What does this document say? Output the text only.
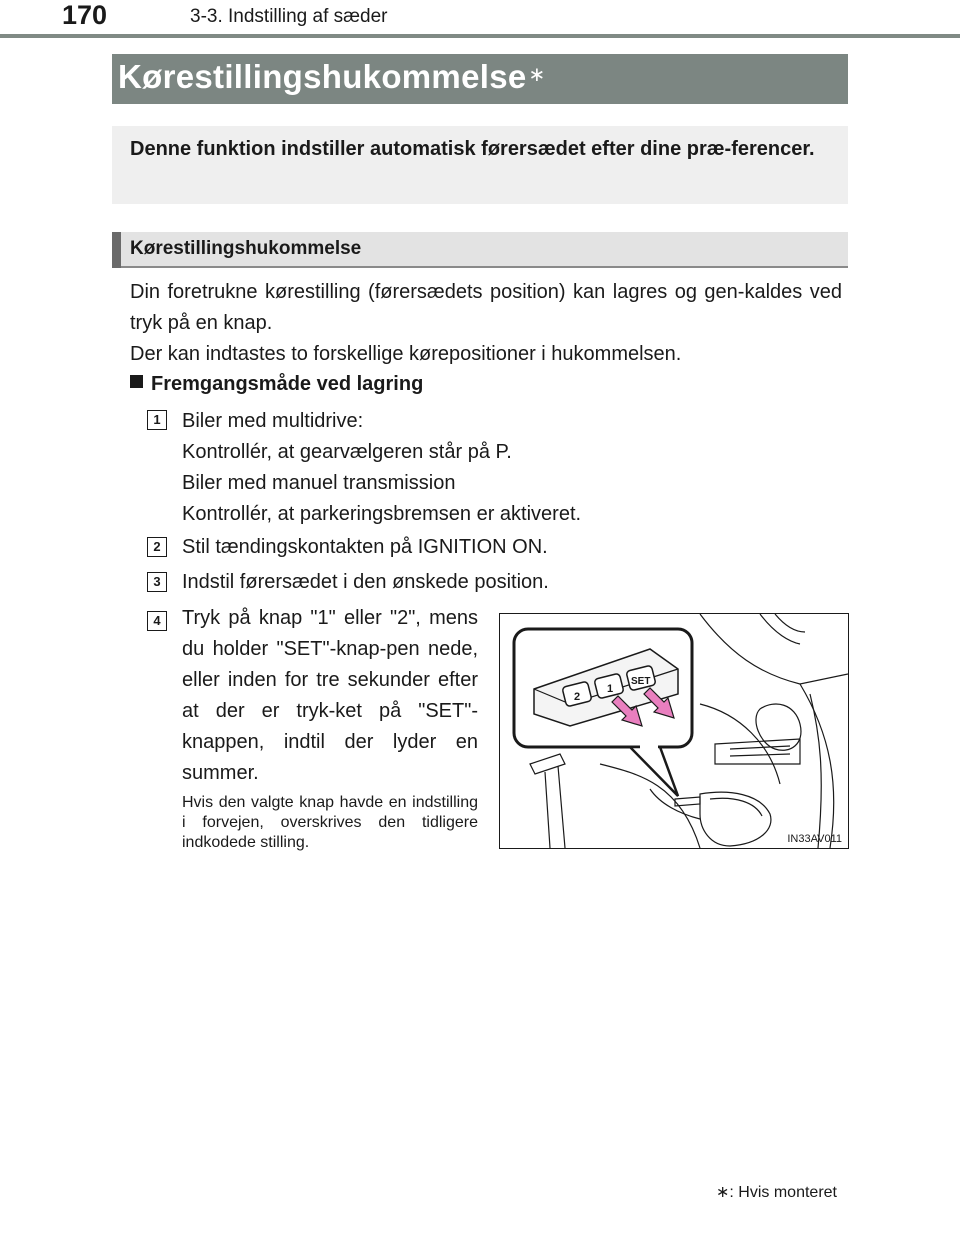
170	3-3. Indstilling af sæder
Kørestillingshukommelse ∗
Denne funktion indstiller automatisk førersædet efter dine præ-ferencer.
Kørestillingshukommelse

Din foretrukne kørestilling (førersædets position) kan lagres og gen-kaldes ved tryk på en knap.

Der kan indtastes to forskellige kørepositioner i hukommelsen.

Fremgangsmåde ved lagring
1	Biler med multidrive:
Kontrollér, at gearvælgeren står på P.
Biler med manuel transmission
Kontrollér, at parkeringsbremsen er aktiveret.
2	Stil tændingskontakten på IGNITION ON.
3	Indstil førersædet i den ønskede position.
4	Tryk på knap "1" eller "2", mens du holder "SET"-knap-pen nede, eller inden for tre sekunder efter at der er tryk-ket på "SET"-knappen, indtil der lyder en summer.
Hvis den valgte knap havde en indstilling i forvejen, overskrives den tidligere indkodede stilling.
2
1
SET
IN33AV011
∗: Hvis monteret
